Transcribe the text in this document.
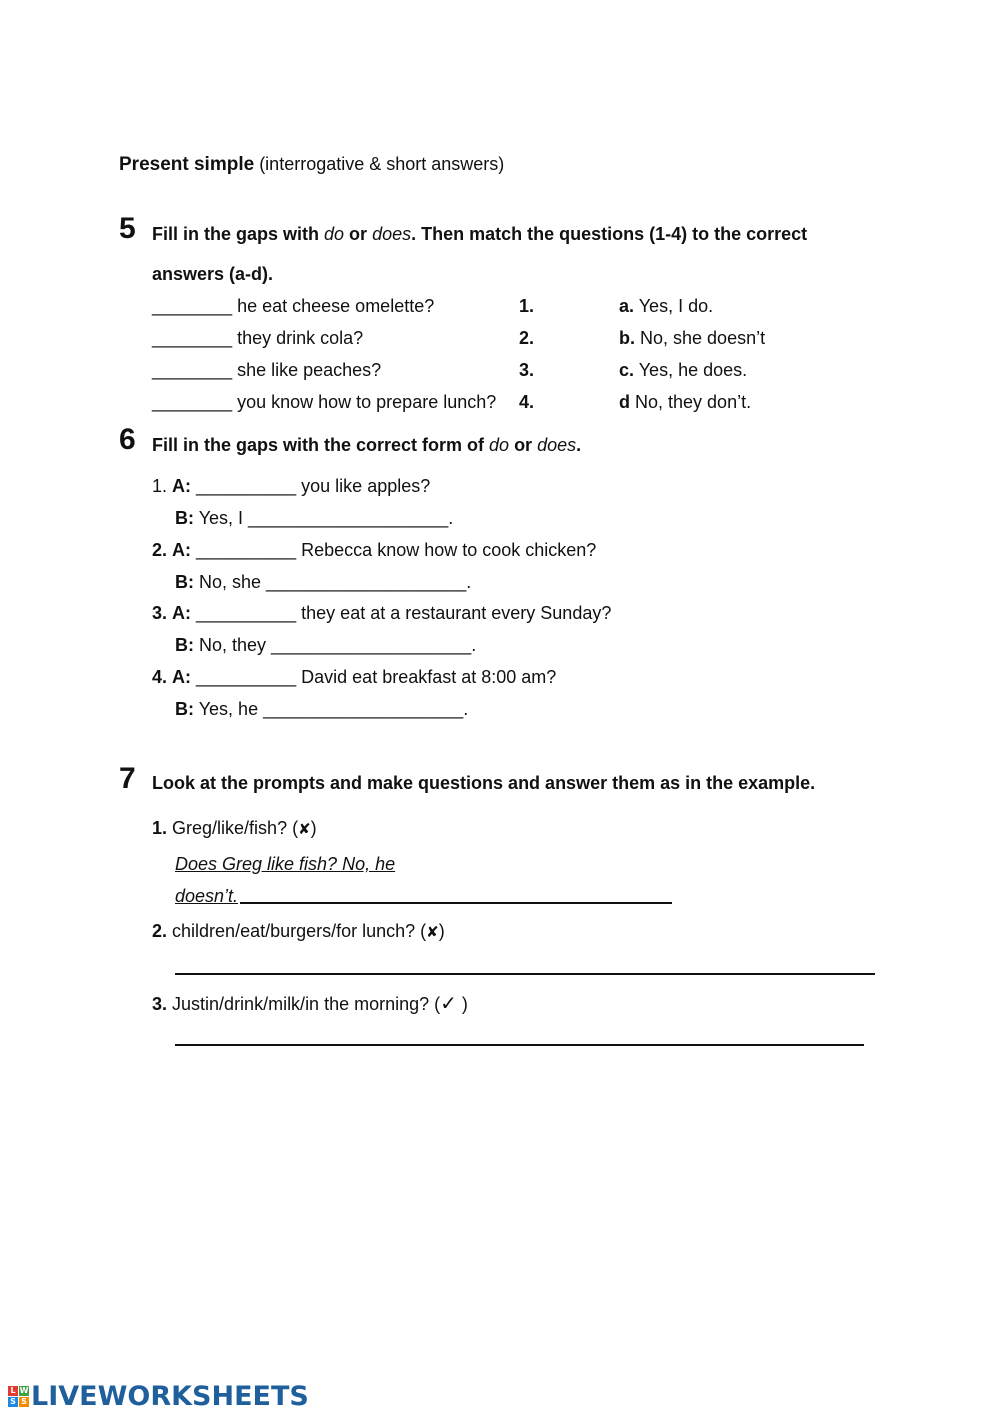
Present simple (interrogative & short answers)
5 Fill in the gaps with do or does. Then match the questions (1-4) to the correct
answers (a-d).
________ he eat cheese omelette?	1.	a. Yes, I do.
________ they drink cola?	2.	b. No, she doesn’t
________ she like peaches?	3.	c. Yes, he does.
________ you know how to prepare lunch? 4.	d No, they don’t.
6 Fill in the gaps with the correct form of do or does.
1. A: __________ you like apples?
B: Yes, I ____________________.
2. A: __________ Rebecca know how to cook chicken?
B: No, she ____________________.
3. A: __________ they eat at a restaurant every Sunday?
B: No, they ____________________.
4. A: __________ David eat breakfast at 8:00 am?
B: Yes, he ____________________.
7 Look at the prompts and make questions and answer them as in the example.
1. Greg/like/fish? (✘)
Does Greg like fish? No, he
doesn’t.
2. children/eat/burgers/for lunch? (✘)
3. Justin/drink/milk/in the morning? (✓ )
L W
S S LIVEWORKSHEETS
